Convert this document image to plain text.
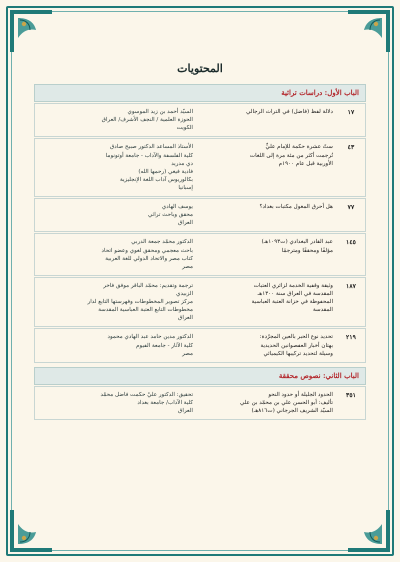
المحتويات
الباب الأول: دراسات تراثية
١٧
دلالة لفظ (فاضل) في التراث الرجالي
السيّد أحمد بن زيد الموسوي
الحوزة العلمية / النجف الأشرف/ العراق
الكويت
٤٣
ستّ عشرة حكمة للإمام عليٍّ
تُرجمت أكثر من مئة مرة إلى اللغات
الأوربية قبل عام ١٩٠٠م
الأستاذ المساعد الدكتور صبيح صادق
كلية الفلسفة والآداب - جامعة أوتونوما
دي مدريد
فادية فيغي (رحمها الله)
بكالوريوس آداب اللغة الإنجليزية
إسبانيا
٧٧
هل أحرق المغول مكتبات بغداد؟
يوسف الهادي
محقق وباحث تراثي
العراق
١٤٥
عبد القادر البغدادي (ت١٠٩٣هـ)
مؤلفًا ومحققًا ومترجمًا
الدكتور محمّد جمعة الدربي
باحث معجمي ومحقق لغوي وعضو اتحاد
كتاب مصر والاتحاد الدولي للغة العربية
مصر
١٨٧
وثيقة وقفية الخدمة لزائري العتبات
المقدسة في العراق سنة ١٣٠٠هـ
المحفوظة في خزانة العتبة العباسية
المقدسة
ترجمة وتقديم: محمّد الباقر موفق فاخر
الزبيدي
مركز تصوير المخطوطات وفهرستها التابع لدار
مخطوطات التابع العتبة العباسية المقدسة
العراق
٢١٩
تحديد نوع الحبر بالعين المجرّدة:
بهتان أخبار العفصوانين الحديدية
وسيلة لتحديد تركيبها الكيميائي
الدكتور مدين حامد عبد الهادي محمود
كلية الآثار - جامعة الفيوم
مصر
الباب الثاني: نصوص محققة
٣٥١
الحدود الجليلة أو حدود النحو
تأليف: أبو الحسن علي بن محمّد بن علي
السيّد الشريف الجرجاني (ت٨١٦هـ)
تحقيق: الدكتور عليّ حكمت فاضل محمّد
كلية الآداب/ جامعة بغداد
العراق
